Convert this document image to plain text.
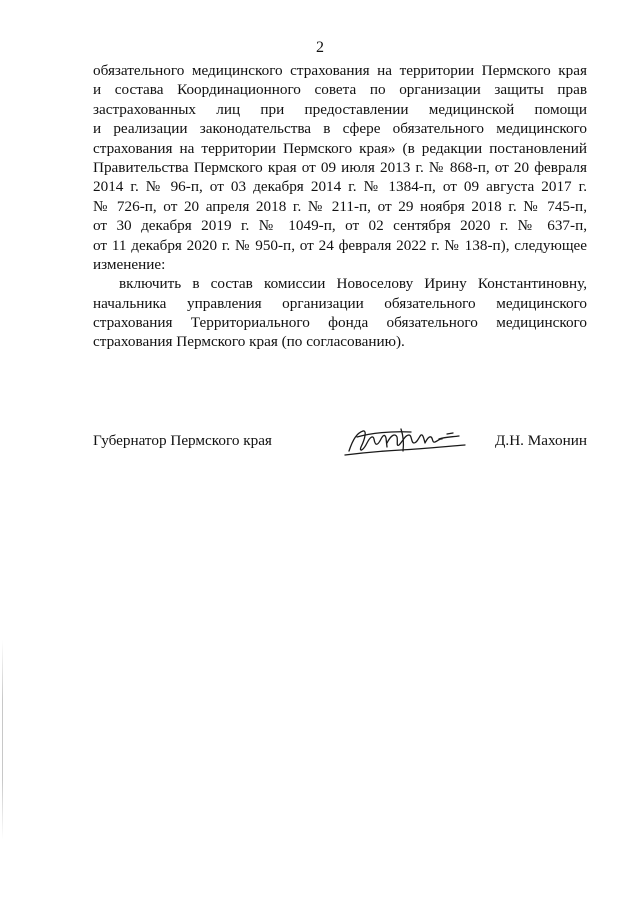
2
обязательного медицинского страхования на территории Пермского края
и состава Координационного совета по организации защиты прав
застрахованных лиц при предоставлении медицинской помощи
и реализации законодательства в сфере обязательного медицинского
страхования на территории Пермского края» (в редакции постановлений
Правительства Пермского края от 09 июля 2013 г. № 868-п, от 20 февраля
2014 г. № 96-п, от 03 декабря 2014 г. № 1384-п, от 09 августа 2017 г.
№ 726-п, от 20 апреля 2018 г. № 211-п, от 29 ноября 2018 г. № 745-п,
от 30 декабря 2019 г. № 1049-п, от 02 сентября 2020 г. № 637-п,
от 11 декабря 2020 г. № 950-п, от 24 февраля 2022 г. № 138-п), следующее
изменение:
включить в состав комиссии Новоселову Ирину Константиновну,
начальника управления организации обязательного медицинского
страхования Территориального фонда обязательного медицинского
страхования Пермского края (по согласованию).
Губернатор Пермского края	Д.Н. Махонин
